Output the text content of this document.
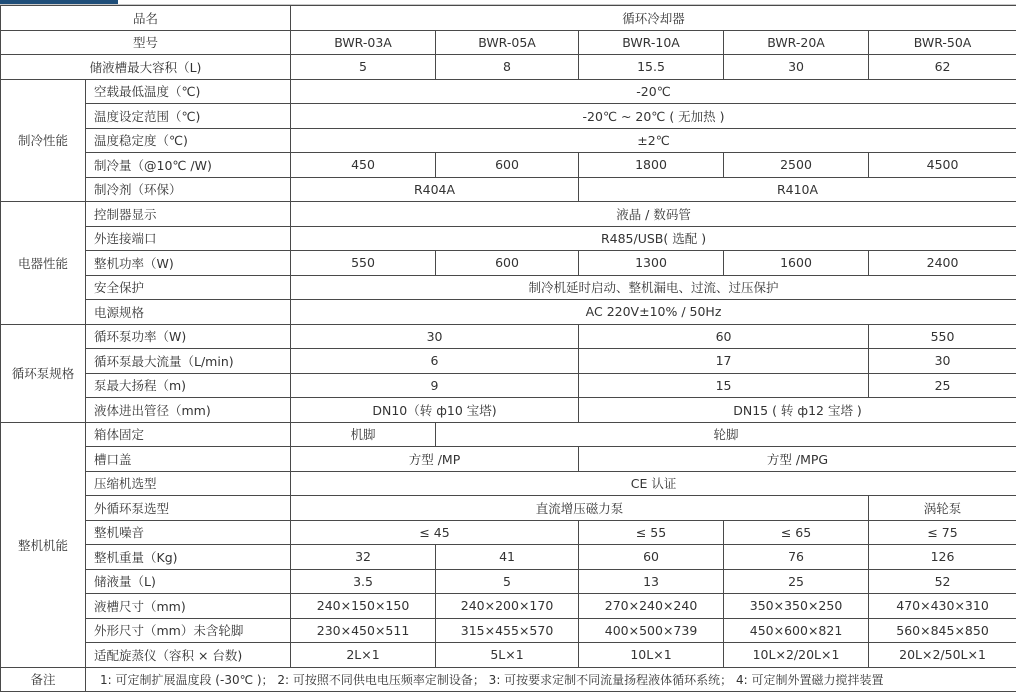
品名		循环冷却器				
型号		BWR-03A	BWR-05A	BWR-10A	BWR-20A	BWR-50A
储液槽最大容积（L)		5	8	15.5	30	62
制冷性能	空载最低温度（℃)	-20℃				
	温度设定范围（℃)	-20℃ ~ 20℃ ( 无加热 )				
	温度稳定度（℃)	±2℃				
	制冷量（@10℃ /W)	450	600	1800	2500	4500
	制冷剂（环保）	R404A		R410A		
电器性能	控制器显示	液晶 / 数码管				
	外连接端口	R485/USB( 选配 )				
	整机功率（W)	550	600	1300	1600	2400
	安全保护	制冷机延时启动、整机漏电、过流、过压保护				
	电源规格	AC 220V±10% / 50Hz				
循环泵规格	循环泵功率（W)	30		60		550
	循环泵最大流量（L/min)	6		17		30
	泵最大扬程（m)	9		15		25
	液体进出管径（mm)	DN10（转 ф10 宝塔)		DN15 ( 转 ф12 宝塔 )		
整机机能	箱体固定	机脚	轮脚			
	槽口盖	方型 /MP		方型 /MPG		
	压缩机选型	CE 认证				
	外循环泵选型	直流增压磁力泵				涡轮泵
	整机噪音	≤ 45		≤ 55	≤ 65	≤ 75
	整机重量（Kg)	32	41	60	76	126
	储液量（L)	3.5	5	13	25	52
	液槽尺寸（mm)	240×150×150	240×200×170	270×240×240	350×350×250	470×430×310
	外形尺寸（mm）未含轮脚	230×450×511	315×455×570	400×500×739	450×600×821	560×845×850
	适配旋蒸仪（容积 × 台数)	2L×1	5L×1	10L×1	10L×2/20L×1	20L×2/50L×1
备注	1: 可定制扩展温度段 (-30℃ )； 2: 可按照不同供电电压频率定制设备； 3: 可按要求定制不同流量扬程液体循环系统； 4: 可定制外置磁力搅拌装置					
